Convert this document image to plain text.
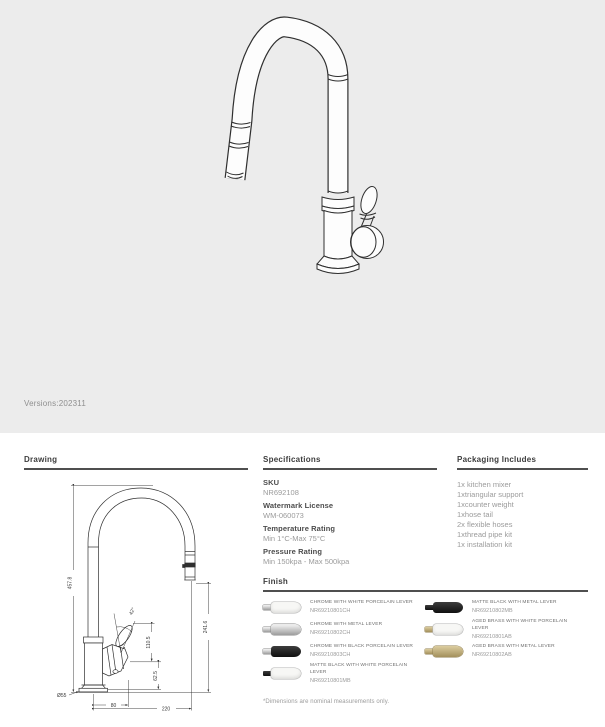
Versions:202311
Drawing	Specifications	Packaging Includes
Finish
457.8
241.6
110.5
62.5
42°
Ø55
80
220
SKU
NR692108
Watermark License
WM-060073
Temperature Rating
Min 1°C-Max 75°C
Pressure Rating
Min 150kpa - Max 500kpa
1x kitchen mixer
1xtriangular support
1xcounter weight
1xhose tail
2x flexible hoses
1xthread pipe kit
1x installation kit
CHROME WITH WHITE PORCELAIN LEVER
NR69210801CH
CHROME WITH METAL LEVER
NR69210802CH
CHROME WITH BLACK PORCELAIN LEVER
NR69210803CH
MATTE BLACK WITH WHITE PORCELAIN LEVER
NR69210801MB
MATTE BLACK WITH METAL LEVER
NR69210802MB
AGED BRASS WITH WHITE PORCELAIN LEVER
NR69210801AB
AGED BRASS WITH METAL LEVER
NR69210802AB
*Dimensions are nominal measurements only.
